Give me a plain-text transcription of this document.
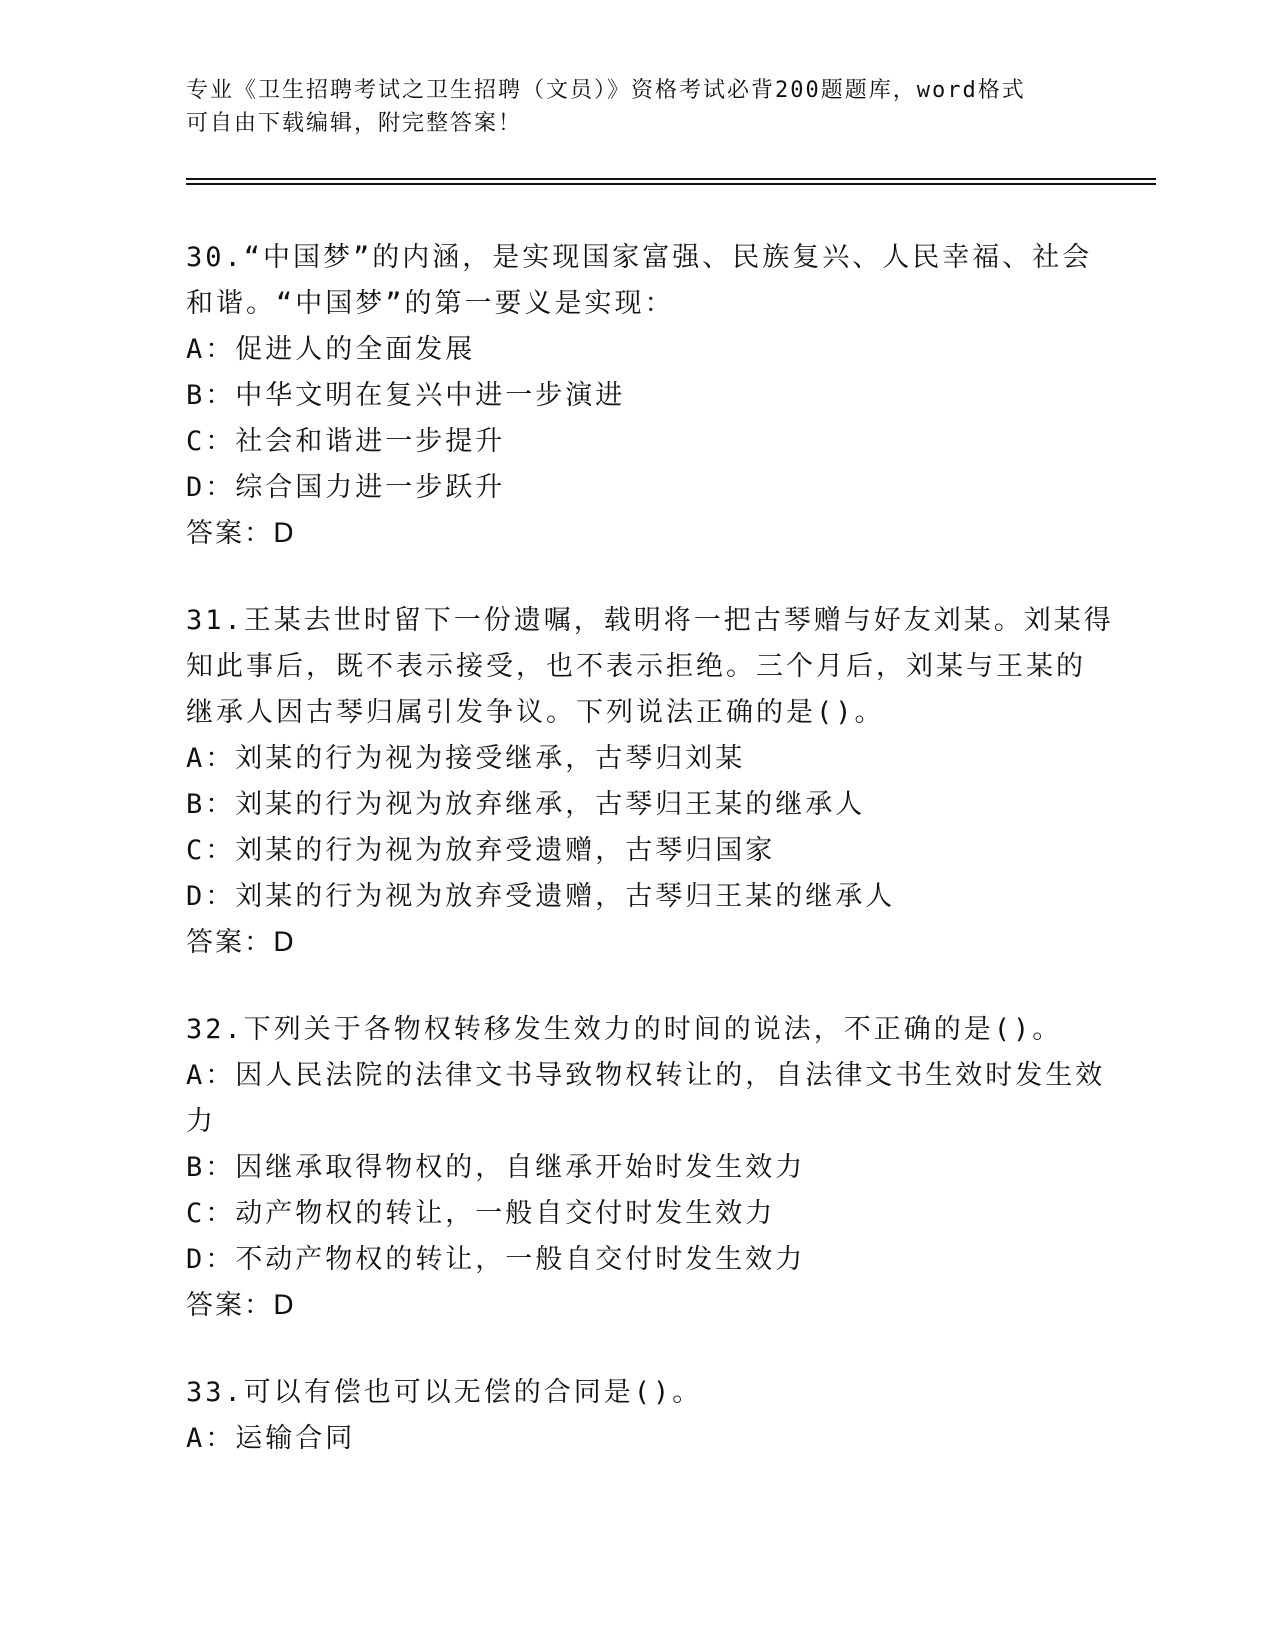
专业《卫生招聘考试之卫生招聘（文员）》资格考试必背200题题库，word格式
可自由下载编辑，附完整答案！
30.“中国梦”的内涵，是实现国家富强、民族复兴、人民幸福、社会
和谐。“中国梦”的第一要义是实现：
A：促进人的全面发展
B：中华文明在复兴中进一步演进
C：社会和谐进一步提升
D：综合国力进一步跃升
答案：D
31.王某去世时留下一份遗嘱，载明将一把古琴赠与好友刘某。刘某得
知此事后，既不表示接受，也不表示拒绝。三个月后，刘某与王某的
继承人因古琴归属引发争议。下列说法正确的是()。
A：刘某的行为视为接受继承，古琴归刘某
B：刘某的行为视为放弃继承，古琴归王某的继承人
C：刘某的行为视为放弃受遗赠，古琴归国家
D：刘某的行为视为放弃受遗赠，古琴归王某的继承人
答案：D
32.下列关于各物权转移发生效力的时间的说法，不正确的是()。
A：因人民法院的法律文书导致物权转让的，自法律文书生效时发生效
力
B：因继承取得物权的，自继承开始时发生效力
C：动产物权的转让，一般自交付时发生效力
D：不动产物权的转让，一般自交付时发生效力
答案：D
33.可以有偿也可以无偿的合同是()。
A：运输合同
